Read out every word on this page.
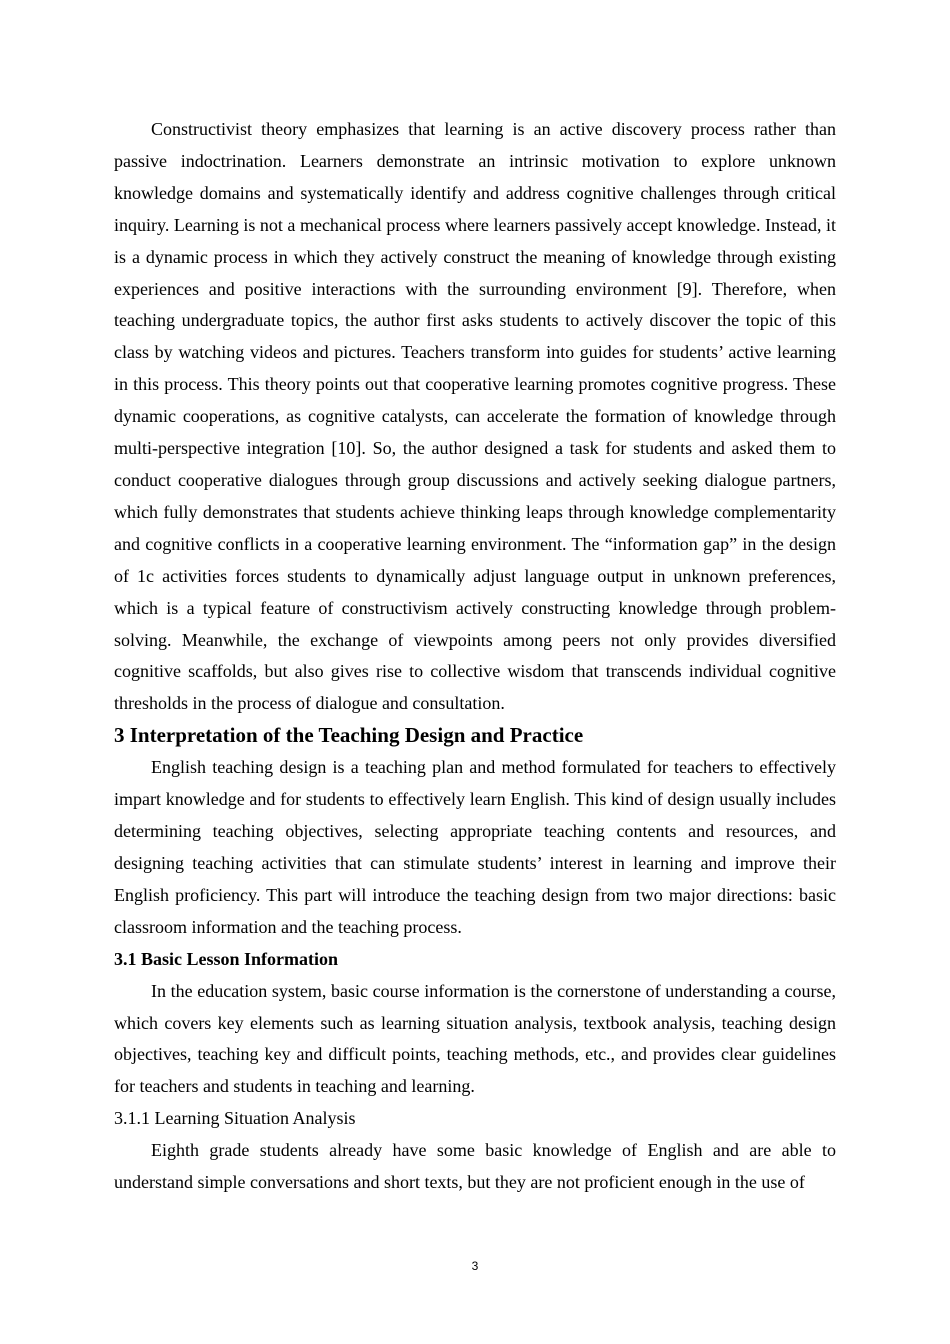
Constructivist theory emphasizes that learning is an active discovery process rather than passive indoctrination. Learners demonstrate an intrinsic motivation to explore unknown knowledge domains and systematically identify and address cognitive challenges through critical inquiry. Learning is not a mechanical process where learners passively accept knowledge. Instead, it is a dynamic process in which they actively construct the meaning of knowledge through existing experiences and positive interactions with the surrounding environment [9]. Therefore, when teaching undergraduate topics, the author first asks students to actively discover the topic of this class by watching videos and pictures. Teachers transform into guides for students’ active learning in this process. This theory points out that cooperative learning promotes cognitive progress. These dynamic cooperations, as cognitive catalysts, can accelerate the formation of knowledge through multi-perspective integration [10]. So, the author designed a task for students and asked them to conduct cooperative dialogues through group discussions and actively seeking dialogue partners, which fully demonstrates that students achieve thinking leaps through knowledge complementarity and cognitive conflicts in a cooperative learning environment. The “information gap” in the design of 1c activities forces students to dynamically adjust language output in unknown preferences, which is a typical feature of constructivism actively constructing knowledge through problem-solving. Meanwhile, the exchange of viewpoints among peers not only provides diversified cognitive scaffolds, but also gives rise to collective wisdom that transcends individual cognitive thresholds in the process of dialogue and consultation.

3 Interpretation of the Teaching Design and Practice

English teaching design is a teaching plan and method formulated for teachers to effectively impart knowledge and for students to effectively learn English. This kind of design usually includes determining teaching objectives, selecting appropriate teaching contents and resources, and designing teaching activities that can stimulate students’ interest in learning and improve their English proficiency. This part will introduce the teaching design from two major directions: basic classroom information and the teaching process.

3.1 Basic Lesson Information

In the education system, basic course information is the cornerstone of understanding a course, which covers key elements such as learning situation analysis, textbook analysis, teaching design objectives, teaching key and difficult points, teaching methods, etc., and provides clear guidelines for teachers and students in teaching and learning.

3.1.1 Learning Situation Analysis

Eighth grade students already have some basic knowledge of English and are able to understand simple conversations and short texts, but they are not proficient enough in the use of

3
